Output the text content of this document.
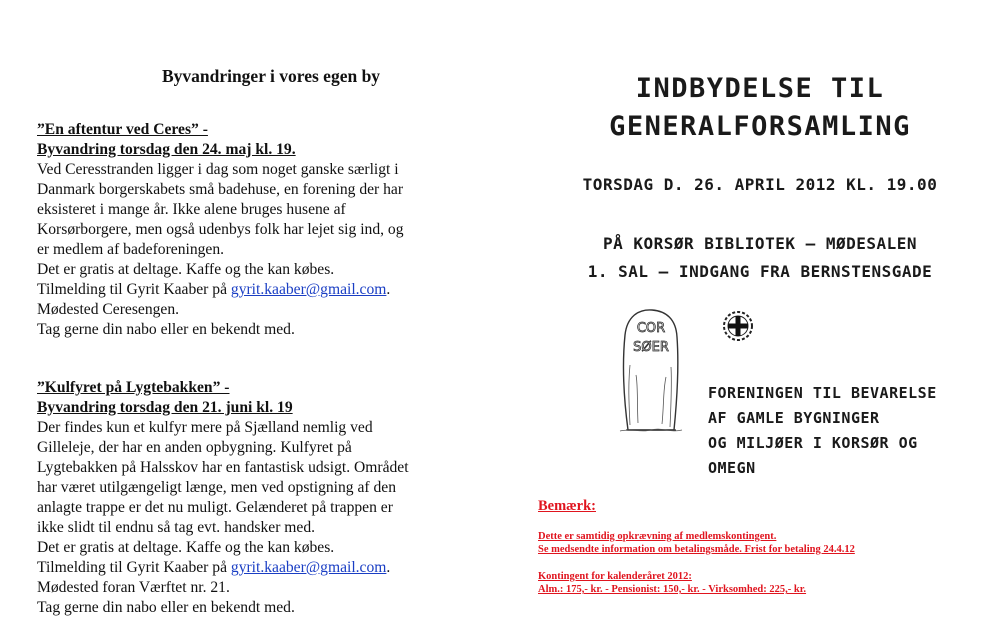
Byvandringer i vores egen by
”En aftentur ved Ceres” -
Byvandring torsdag den 24. maj kl. 19.
Ved Ceresstranden ligger i dag som noget ganske særligt i
Danmark borgerskabets små badehuse, en forening der har
eksisteret i mange år. Ikke alene bruges husene af
Korsørborgere, men også udenbys folk har lejet sig ind, og
er medlem af badeforeningen.
Det er gratis at deltage. Kaffe og the kan købes.
Tilmelding til Gyrit Kaaber på gyrit.kaaber@gmail.com.
Mødested Ceresengen.
Tag gerne din nabo eller en bekendt med.
”Kulfyret på Lygtebakken” -
Byvandring torsdag den 21. juni kl. 19
Der findes kun et kulfyr mere på Sjælland nemlig ved
Gilleleje, der har en anden opbygning. Kulfyret på
Lygtebakken på Halsskov har en fantastisk udsigt. Området
har været utilgængeligt længe, men ved opstigning af den
anlagte trappe er det nu muligt. Gelænderet på trappen er
ikke slidt til endnu så tag evt. handsker med.
Det er gratis at deltage. Kaffe og the kan købes.
Tilmelding til Gyrit Kaaber på gyrit.kaaber@gmail.com.
Mødested foran Værftet nr. 21.
Tag gerne din nabo eller en bekendt med.
INDBYDELSE TIL
GENERALFORSAMLING
TORSDAG D. 26. APRIL 2012 KL. 19.00
PÅ KORSØR BIBLIOTEK – MØDESALEN
1. SAL – INDGANG FRA BERNSTENSGADE
COR
SØER
FORENINGEN TIL BEVARELSE
AF GAMLE BYGNINGER
OG MILJØER I KORSØR OG
OMEGN
Bemærk:
Dette er samtidig opkrævning af medlemskontingent.
Se medsendte information om betalingsmåde. Frist for betaling 24.4.12
Kontingent for kalenderåret 2012:
Alm.: 175,- kr. - Pensionist: 150,- kr. - Virksomhed: 225,- kr.
